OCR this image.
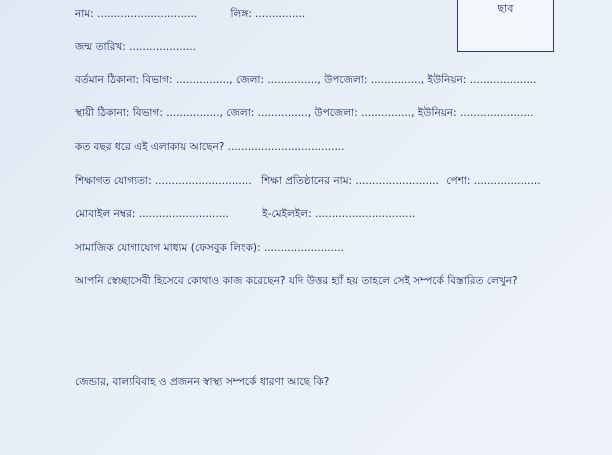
ছাব
নাম: ..............................	লিঙ্গ: ...............
জন্ম তারিখ: ....................
বর্তমান ঠিকানা: বিভাগ: ................, জেলা: ..............., উপজেলা: ..............., ইউনিয়ন: ....................
স্থায়ী ঠিকানা: বিভাগ: ................, জেলা: ..............., উপজেলা: ..............., ইউনিয়ন: ......................
কত বছর ধরে এই এলাকায় আছেন? ...................................
শিক্ষাগত যোগ্যতা: ............................. শিক্ষা প্রতিষ্ঠানের নাম: ......................... পেশা: ....................
মোবাইল নম্বর: ...........................	ই-মেইলইল: ..............................
সামাজিক যোগাযোগ মাধ্যম (ফেসবুক লিংক): ........................
আপনি স্বেচ্ছাসেবী হিসেবে কোথাও কাজ করেছেন? যদি উত্তর হ্যাঁ হয় তাহলে সেই সম্পর্কে বিস্তারিত লেখুন?
জেন্ডার, বাল্যবিবাহ ও প্রজনন স্বাস্থ্য সম্পর্কে ধারণা আছে কি?
